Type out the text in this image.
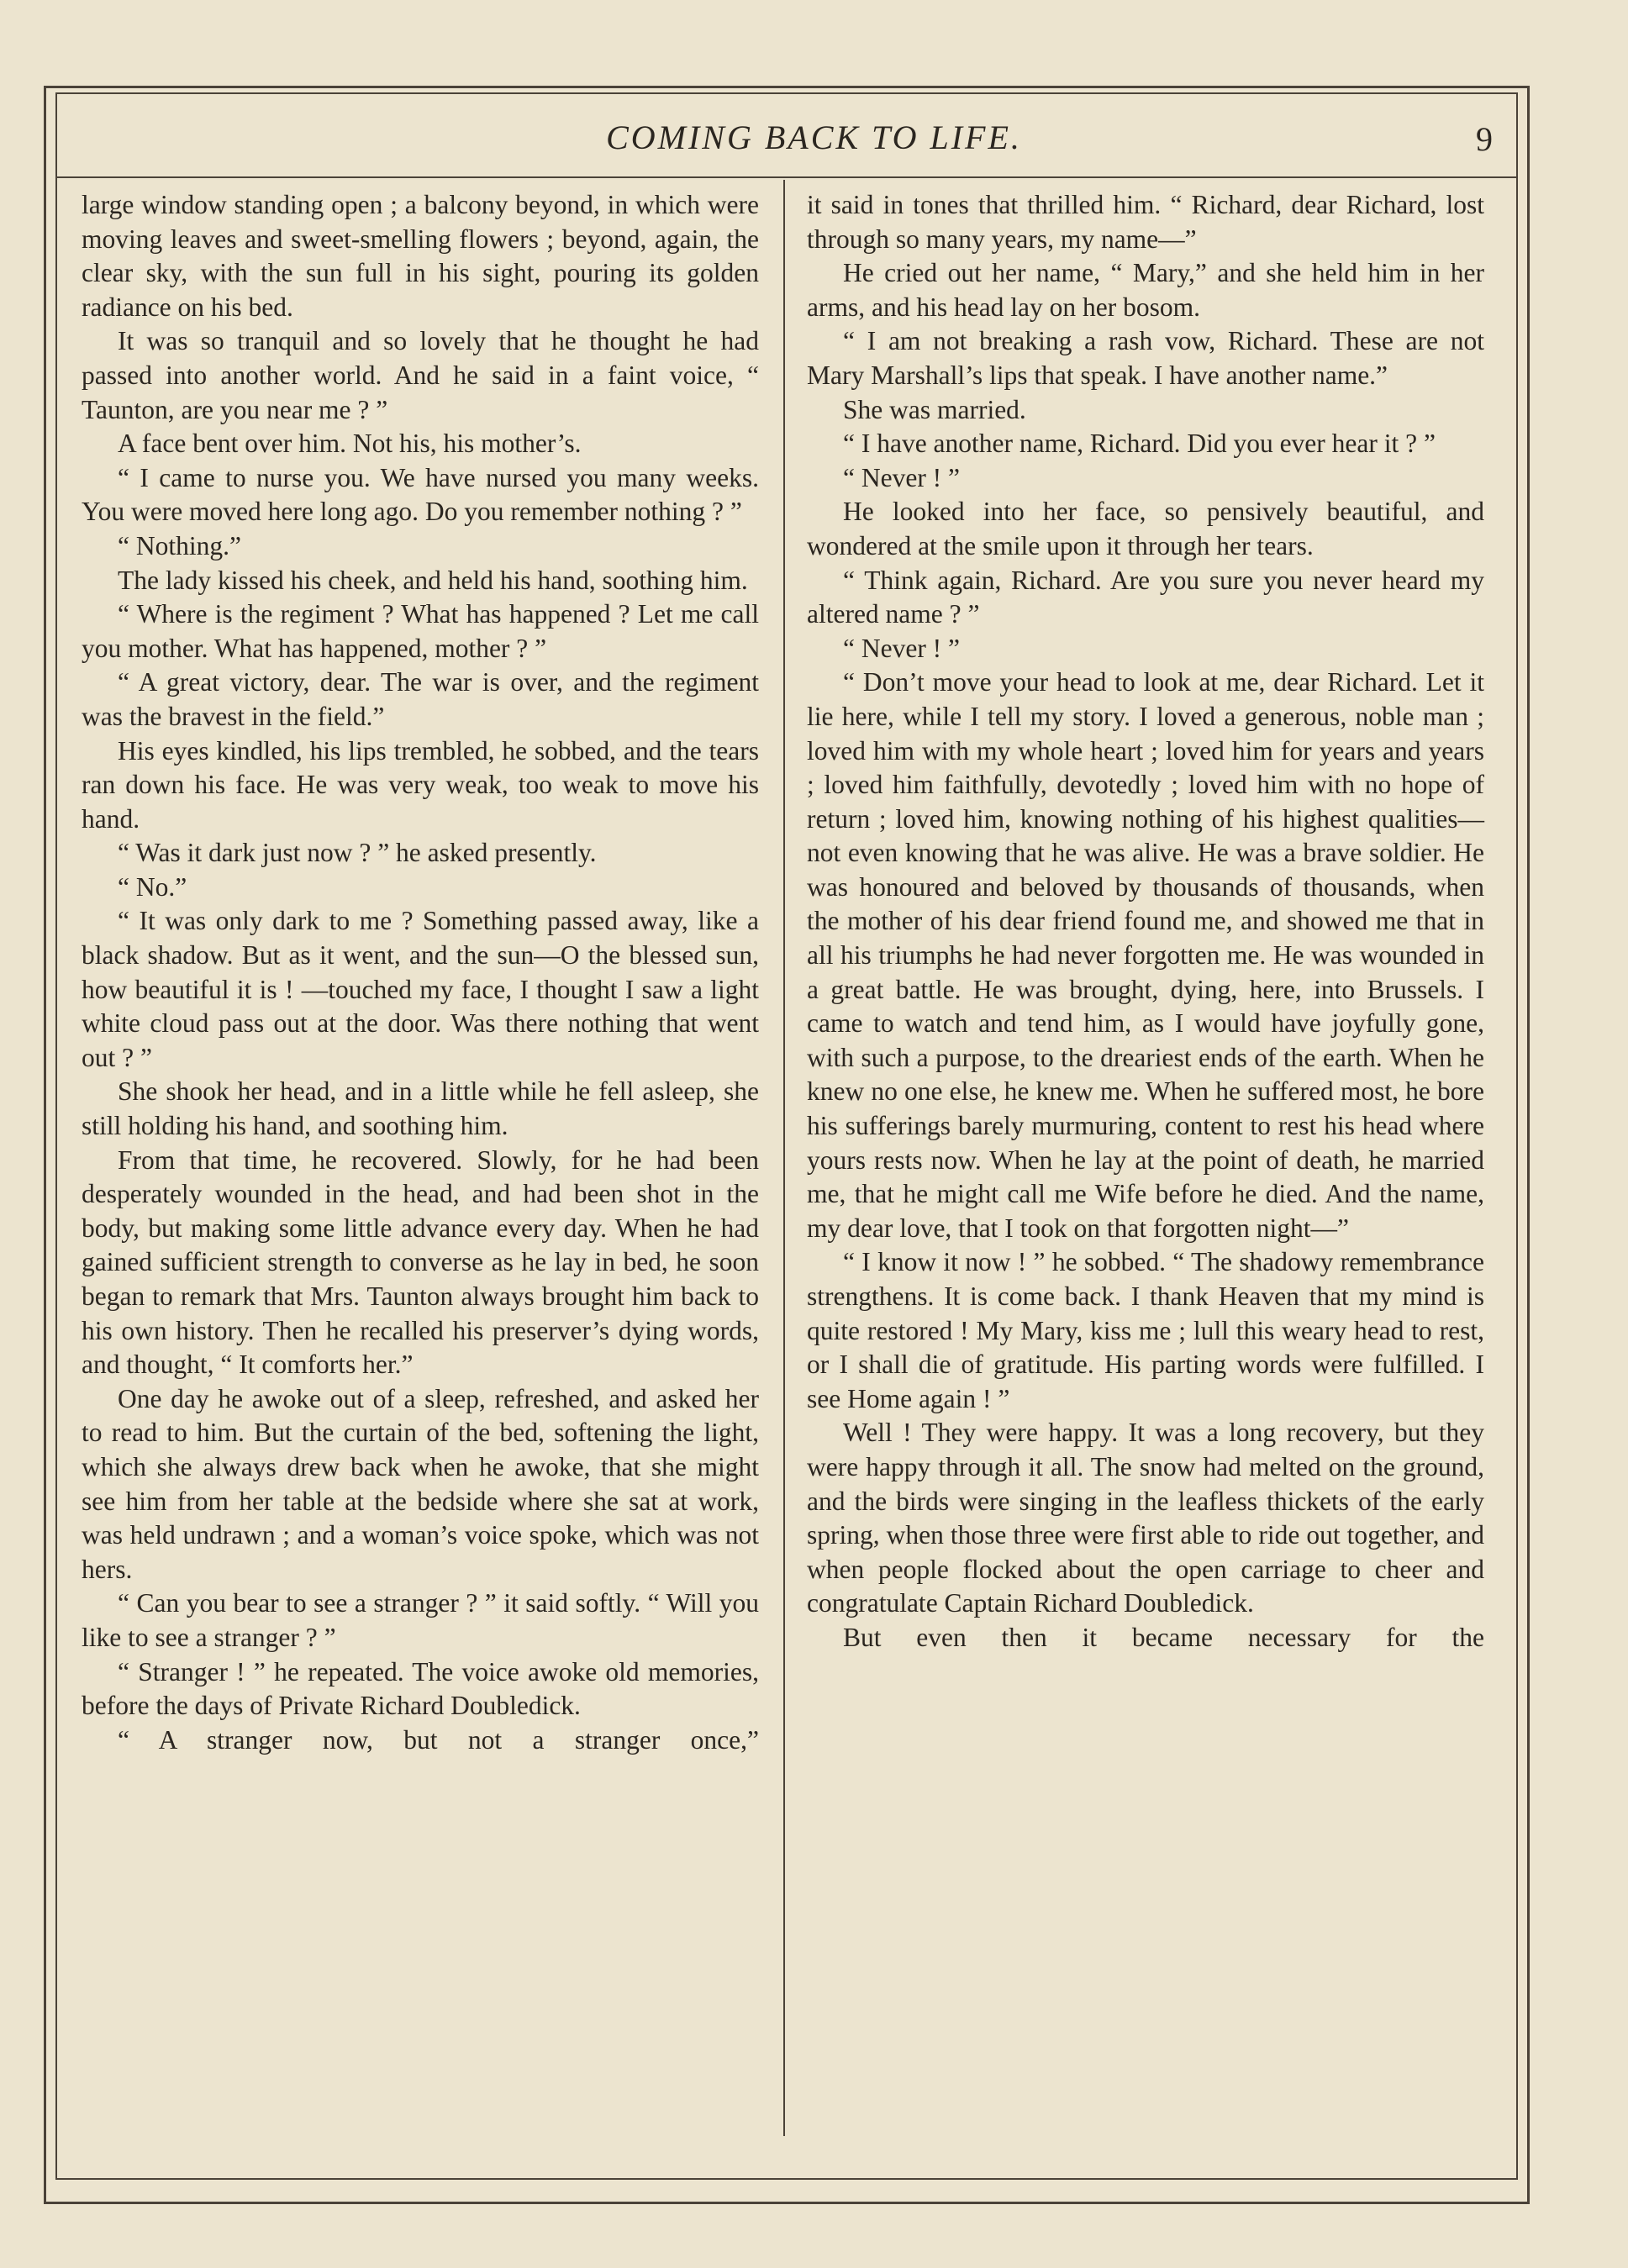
COMING BACK TO LIFE.	9

large window standing open ; a balcony beyond, in which were moving leaves and sweet-smelling flowers ; beyond, again, the clear sky, with the sun full in his sight, pouring its golden radiance on his bed.

It was so tranquil and so lovely that he thought he had passed into another world. And he said in a faint voice, “ Taunton, are you near me ? ”

A face bent over him. Not his, his mother’s.

“ I came to nurse you. We have nursed you many weeks. You were moved here long ago. Do you remember nothing ? ”

“ Nothing.”

The lady kissed his cheek, and held his hand, soothing him.

“ Where is the regiment ? What has happened ? Let me call you mother. What has happened, mother ? ”

“ A great victory, dear. The war is over, and the regiment was the bravest in the field.”

His eyes kindled, his lips trembled, he sobbed, and the tears ran down his face. He was very weak, too weak to move his hand.

“ Was it dark just now ? ” he asked presently.

“ No.”

“ It was only dark to me ? Something passed away, like a black shadow. But as it went, and the sun—O the blessed sun, how beautiful it is ! —touched my face, I thought I saw a light white cloud pass out at the door. Was there nothing that went out ? ”

She shook her head, and in a little while he fell asleep, she still holding his hand, and soothing him.

From that time, he recovered. Slowly, for he had been desperately wounded in the head, and had been shot in the body, but making some little advance every day. When he had gained sufficient strength to converse as he lay in bed, he soon began to remark that Mrs. Taunton always brought him back to his own history. Then he recalled his preserver’s dying words, and thought, “ It comforts her.”

One day he awoke out of a sleep, refreshed, and asked her to read to him. But the curtain of the bed, softening the light, which she always drew back when he awoke, that she might see him from her table at the bedside where she sat at work, was held undrawn ; and a woman’s voice spoke, which was not hers.

“ Can you bear to see a stranger ? ” it said softly. “ Will you like to see a stranger ? ”

“ Stranger ! ” he repeated. The voice awoke old memories, before the days of Private Richard Doubledick.

“ A stranger now, but not a stranger once,”

it said in tones that thrilled him. “ Richard, dear Richard, lost through so many years, my name—”

He cried out her name, “ Mary,” and she held him in her arms, and his head lay on her bosom.

“ I am not breaking a rash vow, Richard. These are not Mary Marshall’s lips that speak. I have another name.”

She was married.

“ I have another name, Richard. Did you ever hear it ? ”

“ Never ! ”

He looked into her face, so pensively beautiful, and wondered at the smile upon it through her tears.

“ Think again, Richard. Are you sure you never heard my altered name ? ”

“ Never ! ”

“ Don’t move your head to look at me, dear Richard. Let it lie here, while I tell my story. I loved a generous, noble man ; loved him with my whole heart ; loved him for years and years ; loved him faithfully, devotedly ; loved him with no hope of return ; loved him, knowing nothing of his highest qualities—not even knowing that he was alive. He was a brave soldier. He was honoured and beloved by thousands of thousands, when the mother of his dear friend found me, and showed me that in all his triumphs he had never forgotten me. He was wounded in a great battle. He was brought, dying, here, into Brussels. I came to watch and tend him, as I would have joyfully gone, with such a purpose, to the dreariest ends of the earth. When he knew no one else, he knew me. When he suffered most, he bore his sufferings barely murmuring, content to rest his head where yours rests now. When he lay at the point of death, he married me, that he might call me Wife before he died. And the name, my dear love, that I took on that forgotten night—”

“ I know it now ! ” he sobbed. “ The shadowy remembrance strengthens. It is come back. I thank Heaven that my mind is quite restored ! My Mary, kiss me ; lull this weary head to rest, or I shall die of gratitude. His parting words were fulfilled. I see Home again ! ”

Well ! They were happy. It was a long recovery, but they were happy through it all. The snow had melted on the ground, and the birds were singing in the leafless thickets of the early spring, when those three were first able to ride out together, and when people flocked about the open carriage to cheer and congratulate Captain Richard Doubledick.

But even then it became necessary for the
